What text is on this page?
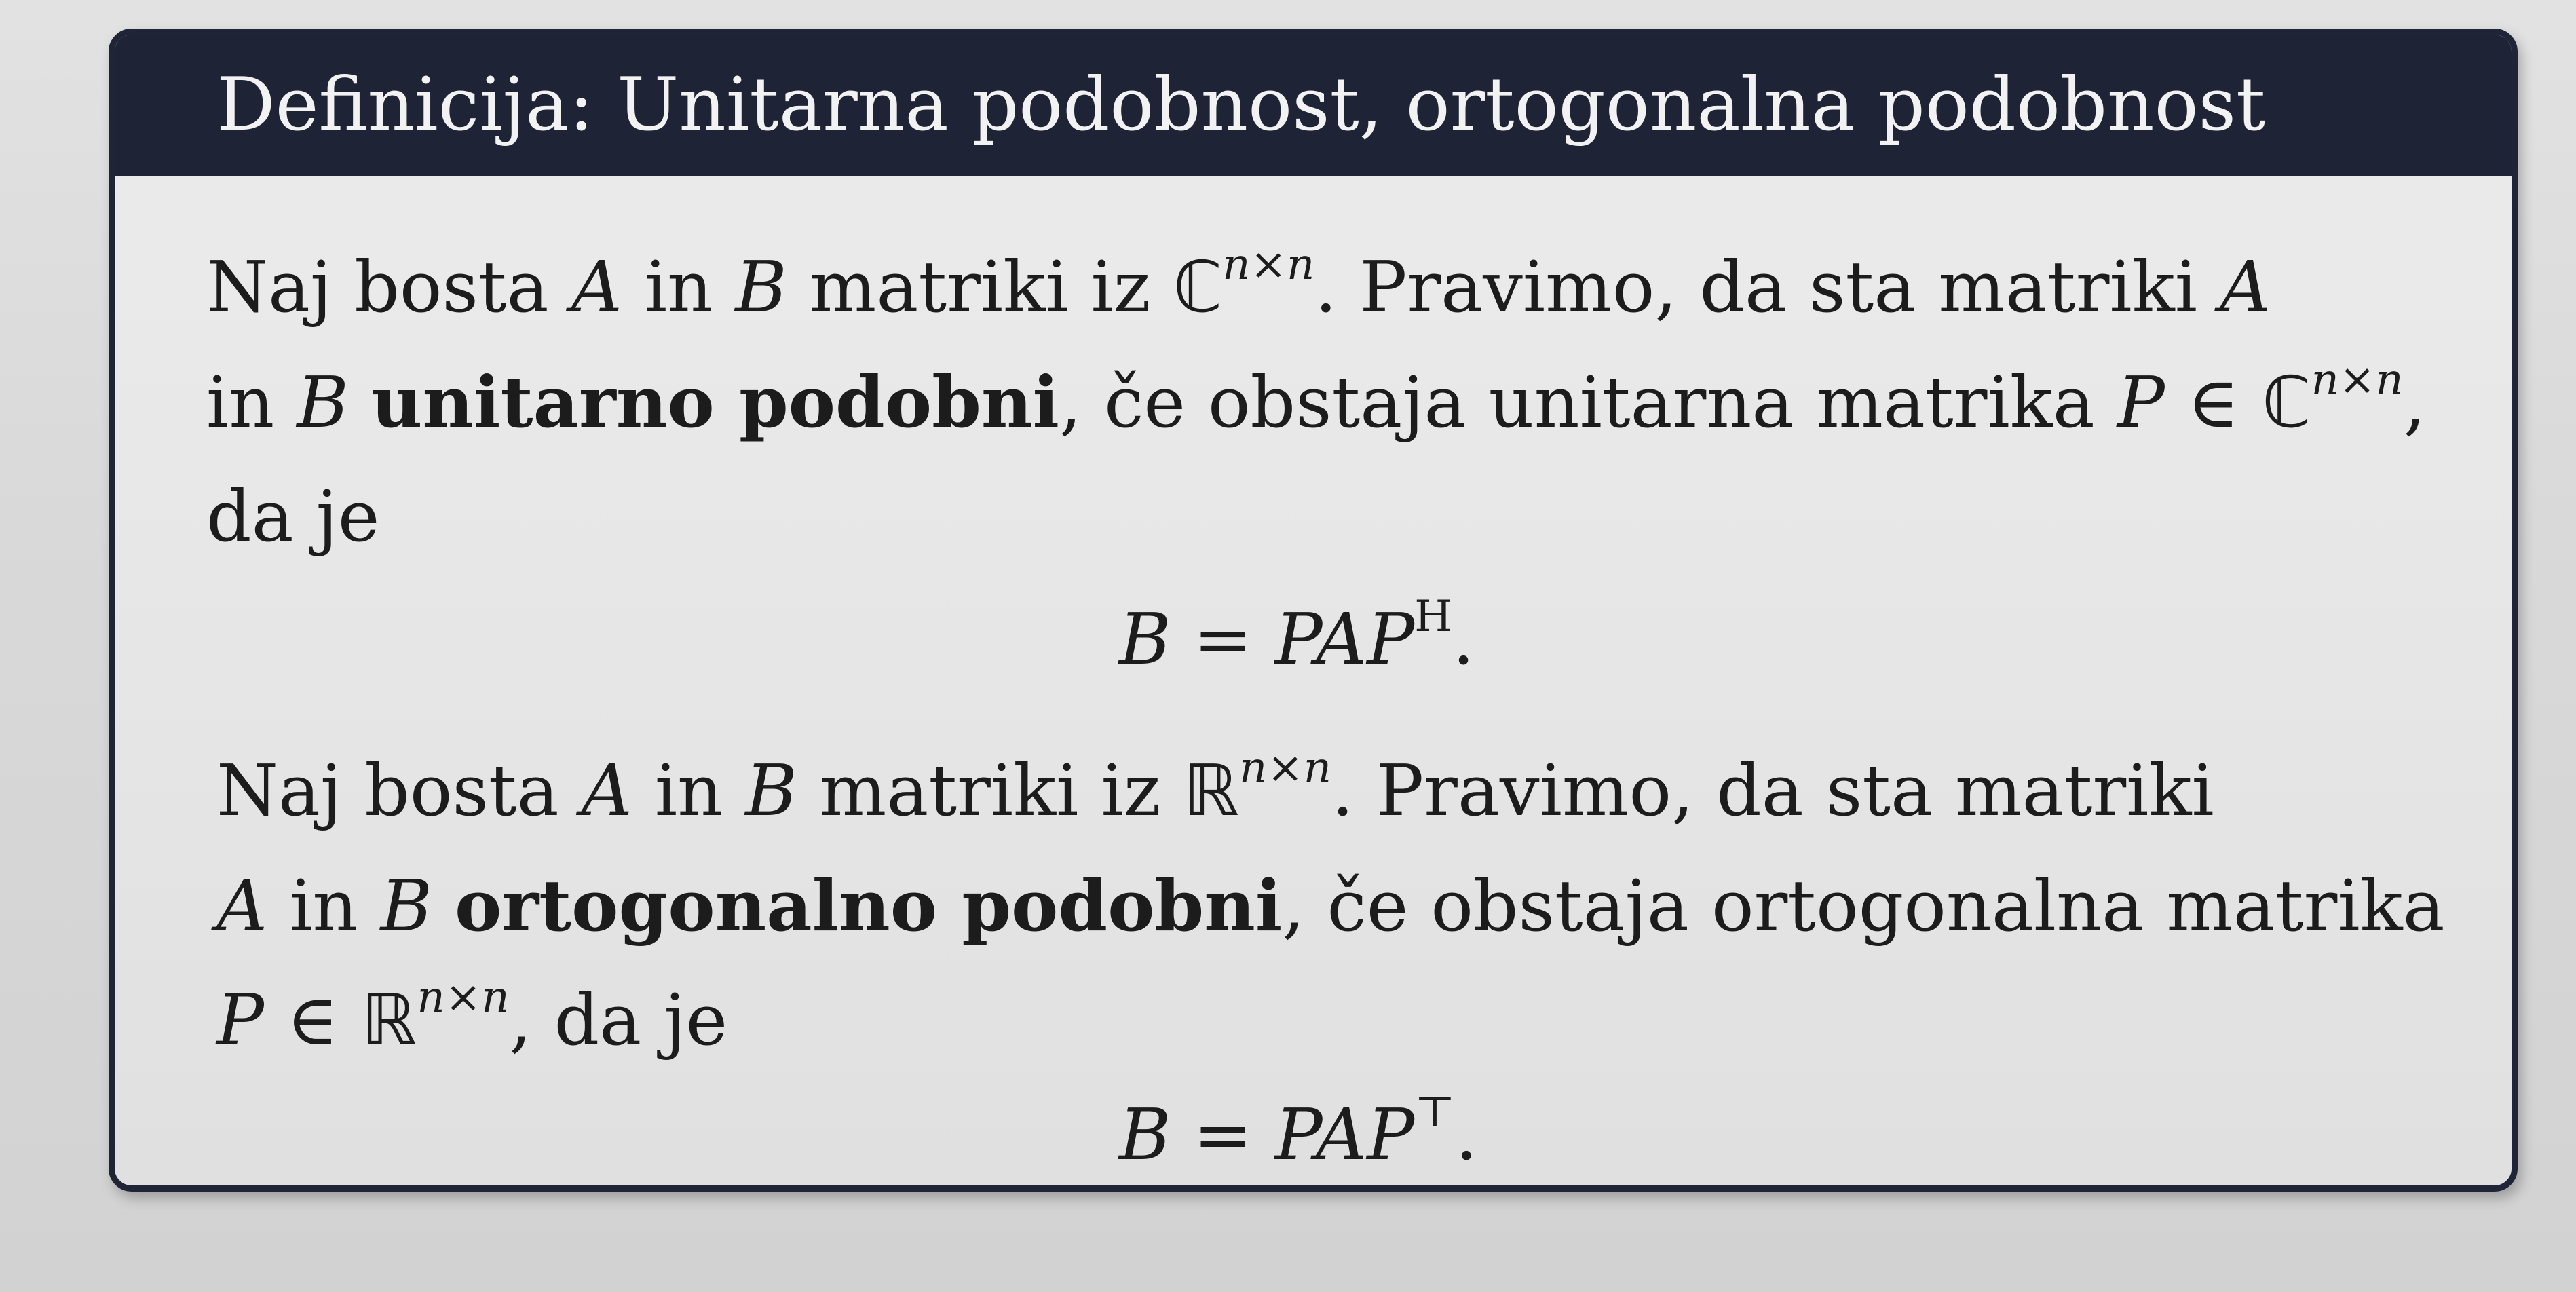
Definicija: Unitarna podobnost, ortogonalna podobnost
Naj bosta A in B matriki iz ℂ$^{n\times n}$. Pravimo, da sta matriki A
in B unitarno podobni, če obstaja unitarna matrika P ∈ ℂ$^{n\times n}$,
da je
$B = PAP^H$.
Naj bosta A in B matriki iz ℝ$^{n\times n}$. Pravimo, da sta matriki
A in B ortogonalno podobni, če obstaja ortogonalna matrika
P ∈ ℝ$^{n\times n}$, da je
B = PAP⊤.
